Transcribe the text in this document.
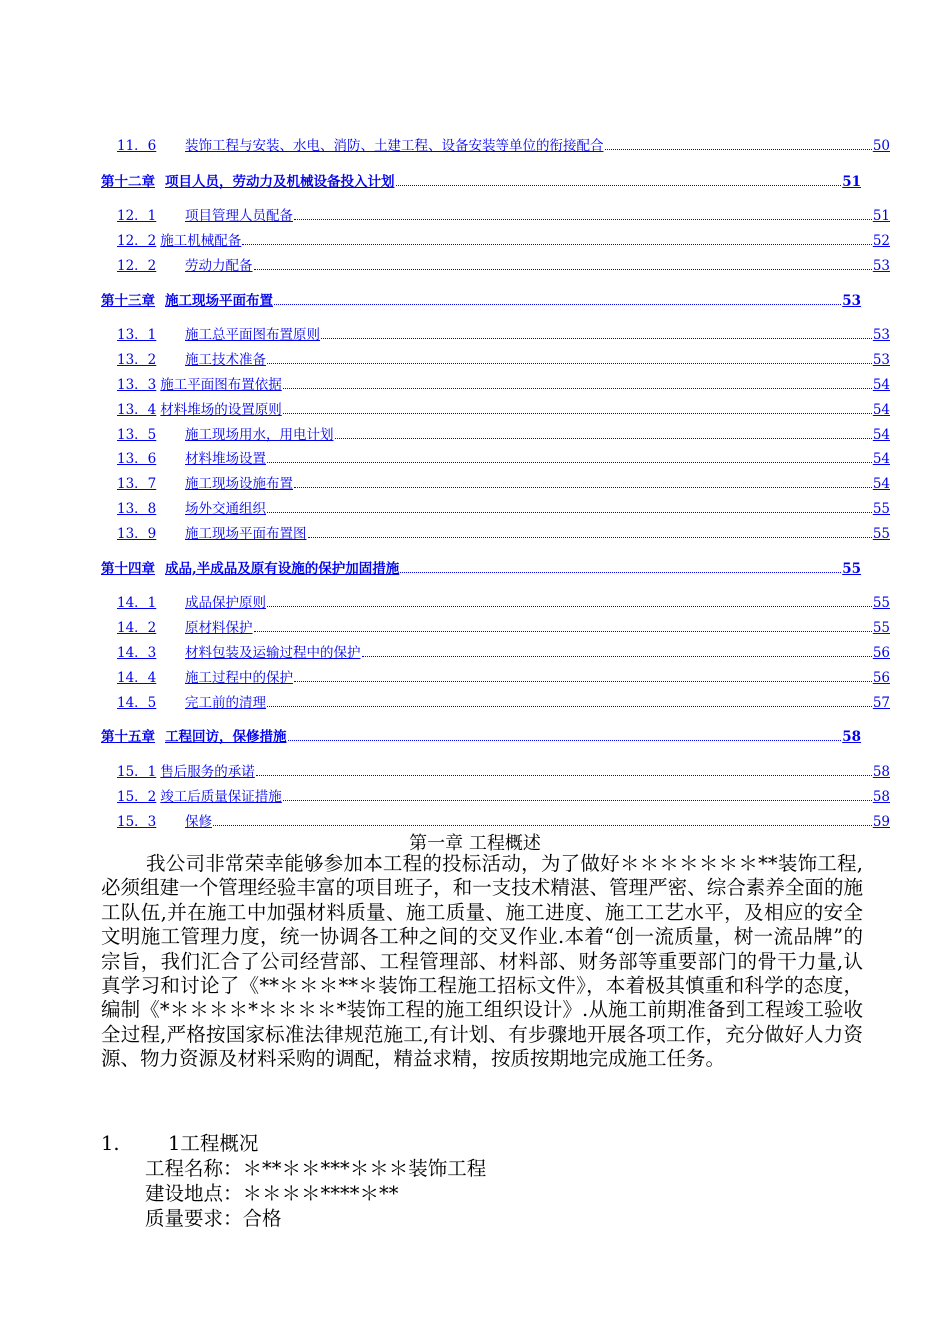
11．6	装饰工程与安装、水电、消防、土建工程、设备安装等单位的衔接配合	50
第十二章 项目人员，劳动力及机械设备投入计划	51
12．1	项目管理人员配备	51
12．2 施工机械配备	52
12．2	劳动力配备	53
第十三章 施工现场平面布置	53
13．1	施工总平面图布置原则	53
13．2	施工技术准备	53
13．3 施工平面图布置依据	54
13．4 材料堆场的设置原则	54
13．5	施工现场用水，用电计划	54
13．6	材料堆场设置	54
13．7	施工现场设施布置	54
13．8	场外交通组织	55
13．9	施工现场平面布置图	55
第十四章 成品,半成品及原有设施的保护加固措施	55
14．1	成品保护原则	55
14．2	原材料保护	55
14．3	材料包装及运输过程中的保护	56
14．4	施工过程中的保护	56
14．5	完工前的清理	57
第十五章 工程回访，保修措施	58
15．1 售后服务的承诺	58
15．2 竣工后质量保证措施	58
15．3	保修	59
第一章 工程概述
我公司非常荣幸能够参加本工程的投标活动，为了做好＊＊＊＊＊＊＊**装饰工程,必须组建一个管理经验丰富的项目班子，和一支技术精湛、管理严密、综合素养全面的施工队伍,并在施工中加强材料质量、施工质量、施工进度、施工工艺水平，及相应的安全文明施工管理力度，统一协调各工种之间的交叉作业.本着“创一流质量，树一流品牌”的宗旨，我们汇合了公司经营部、工程管理部、材料部、财务部等重要部门的骨干力量,认真学习和讨论了《**＊＊＊**＊装饰工程施工招标文件》，本着极其慎重和科学的态度，编制《*＊＊＊＊*＊＊＊＊*装饰工程的施工组织设计》.从施工前期准备到工程竣工验收全过程,严格按国家标准法律规范施工,有计划、有步骤地开展各项工作，充分做好人力资源、物力资源及材料采购的调配，精益求精，按质按期地完成施工任务。
1. 1工程概况
工程名称：＊**＊＊***＊＊＊装饰工程
建设地点：＊＊＊＊****＊**
质量要求：合格
